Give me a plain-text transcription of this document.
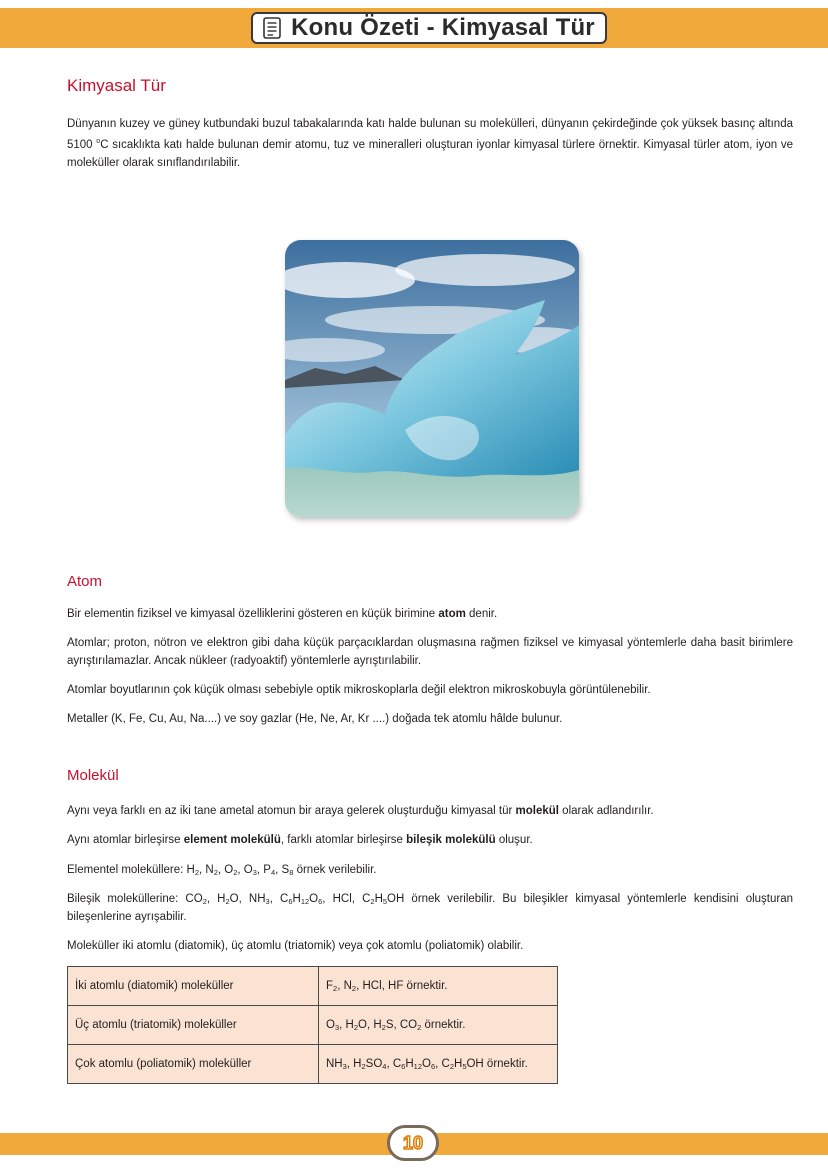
Konu Özeti - Kimyasal Tür
Kimyasal Tür

Dünyanın kuzey ve güney kutbundaki buzul tabakalarında katı halde bulunan su molekülleri, dünyanın çekirdeğinde çok yüksek basınç altında 5100 $^o$C sıcaklıkta katı halde bulunan demir atomu, tuz ve mineralleri oluşturan iyonlar kimyasal türlere örnektir. Kimyasal türler atom, iyon ve moleküller olarak sınıflandırılabilir.

Atom

Bir elementin fiziksel ve kimyasal özelliklerini gösteren en küçük birimine atom denir.

Atomlar; proton, nötron ve elektron gibi daha küçük parçacıklardan oluşmasına rağmen fiziksel ve kimyasal yöntemlerle daha basit birimlere ayrıştırılamazlar. Ancak nükleer (radyoaktif) yöntemlerle ayrıştırılabilir.

Atomlar boyutlarının çok küçük olması sebebiyle optik mikroskoplarla değil elektron mikroskobuyla görüntülenebilir.

Metaller (K, Fe, Cu, Au, Na....) ve soy gazlar (He, Ne, Ar, Kr ....) doğada tek atomlu hâlde bulunur.

Molekül

Aynı veya farklı en az iki tane ametal atomun bir araya gelerek oluşturduğu kimyasal tür molekül olarak adlandırılır.

Aynı atomlar birleşirse element molekülü, farklı atomlar birleşirse bileşik molekülü oluşur.

Elementel moleküllere: $H_2$, $N_2$, $O_2$, $O_3$, $P_4$, $S_8$ örnek verilebilir.

Bileşik moleküllerine: $CO_2$, $H_2O$, $NH_3$, $C_6H_{12}O_6$, HCl, $C_2H_5OH$ örnek verilebilir. Bu bileşikler kimyasal yöntemlerle kendisini oluşturan bileşenlerine ayrışabilir.

Moleküller iki atomlu (diatomik), üç atomlu (triatomik) veya çok atomlu (poliatomik) olabilir.

İki atomlu (diatomik) moleküller	$F_2$, $N_2$, HCl, HF örnektir.
Üç atomlu (triatomik) moleküller	$O_3$, $H_2O$, $H_2S$, $CO_2$ örnektir.
Çok atomlu (poliatomik) moleküller	$NH_3$, $H_2SO_4$, $C_6H_{12}O_6$, $C_2H_5OH$ örnektir.
10
